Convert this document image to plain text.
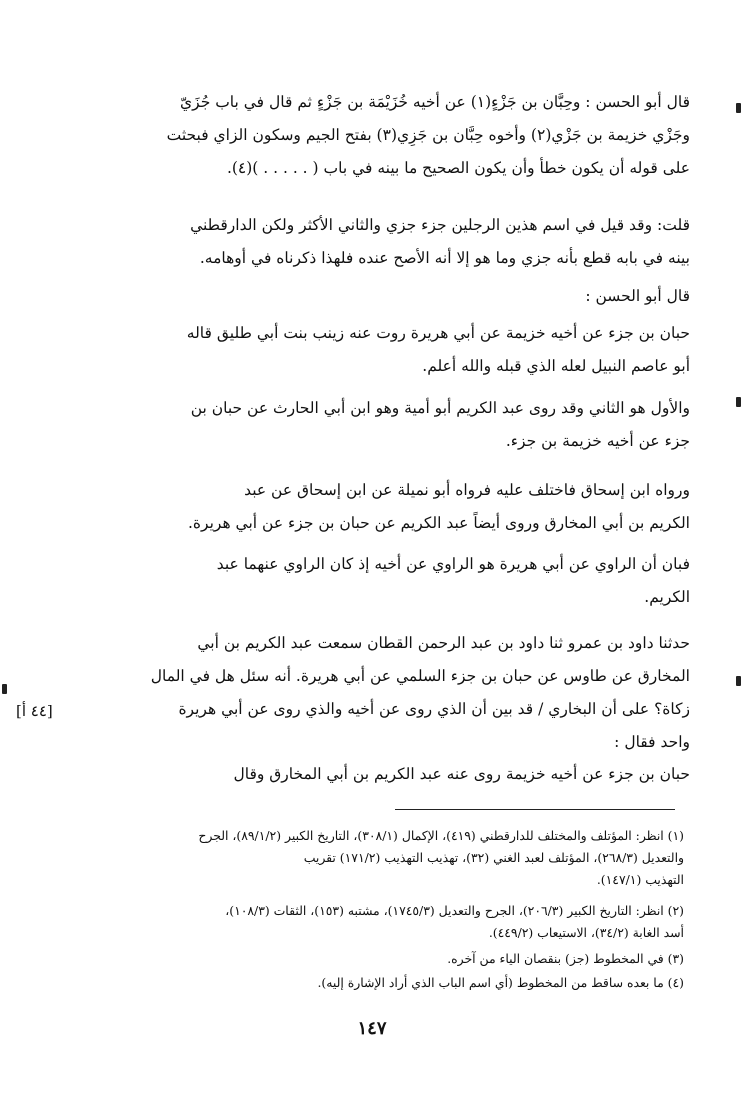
قال أبو الحسن : وحِبَّان بن جَزْءٍ(١) عن أخيه خُزَيْمَة بن جَزْءٍ ثم قال في باب جُزَيّ
وجَزْي خزيمة بن جَزْي(٢) وأخوه حِبَّان بن جَزِي(٣) بفتح الجيم وسكون الزاي فبحثت
على قوله أن يكون خطأ وأن يكون الصحيح ما بينه في باب ( . . . . . )(٤).
قلت: وقد قيل في اسم هذين الرجلين جزء جزي والثاني الأكثر ولكن الدارقطني
بينه في بابه قطع بأنه جزي وما هو إلا أنه الأصح عنده فلهذا ذكرناه في أوهامه.
قال أبو الحسن :
حبان بن جزء عن أخيه خزيمة عن أبي هريرة روت عنه زينب بنت أبي طليق قاله
أبو عاصم النبيل لعله الذي قبله والله أعلم.
والأول هو الثاني وقد روى عبد الكريم أبو أمية وهو ابن أبي الحارث عن حبان بن
جزء عن أخيه خزيمة بن جزء.
ورواه ابن إسحاق فاختلف عليه فرواه أبو نميلة عن ابن إسحاق عن عبد
الكريم بن أبي المخارق وروى أيضاً عبد الكريم عن حبان بن جزء عن أبي هريرة.
فبان أن الراوي عن أبي هريرة هو الراوي عن أخيه إذ كان الراوي عنهما عبد
الكريم.
حدثنا داود بن عمرو ثنا داود بن عبد الرحمن القطان سمعت عبد الكريم بن أبي
المخارق عن طاوس عن حبان بن جزء السلمي عن أبي هريرة. أنه سئل هل في المال
زكاة؟ على أن البخاري / قد بين أن الذي روى عن أخيه والذي روى عن أبي هريرة
واحد فقال :
[٤٤ أ]
حبان بن جزء عن أخيه خزيمة روى عنه عبد الكريم بن أبي المخارق وقال
(١) انظر: المؤتلف والمختلف للدارقطني (٤١٩)، الإكمال (٣٠٨/١)، التاريخ الكبير (٨٩/١/٢)، الجرح
والتعديل (٢٦٨/٣)، المؤتلف لعبد الغني (٣٢)، تهذيب التهذيب (١٧١/٢) تقريب
التهذيب (١٤٧/١).
(٢) انظر: التاريخ الكبير (٢٠٦/٣)، الجرح والتعديل (١٧٤٥/٣)، مشتبه (١٥٣)، الثقات (١٠٨/٣)،
أسد الغابة (٣٤/٢)، الاستيعاب (٤٤٩/٢).
(٣) في المخطوط (جز) بنقصان الياء من آخره.
(٤) ما بعده ساقط من المخطوط (أي اسم الباب الذي أراد الإشارة إليه).
١٤٧
